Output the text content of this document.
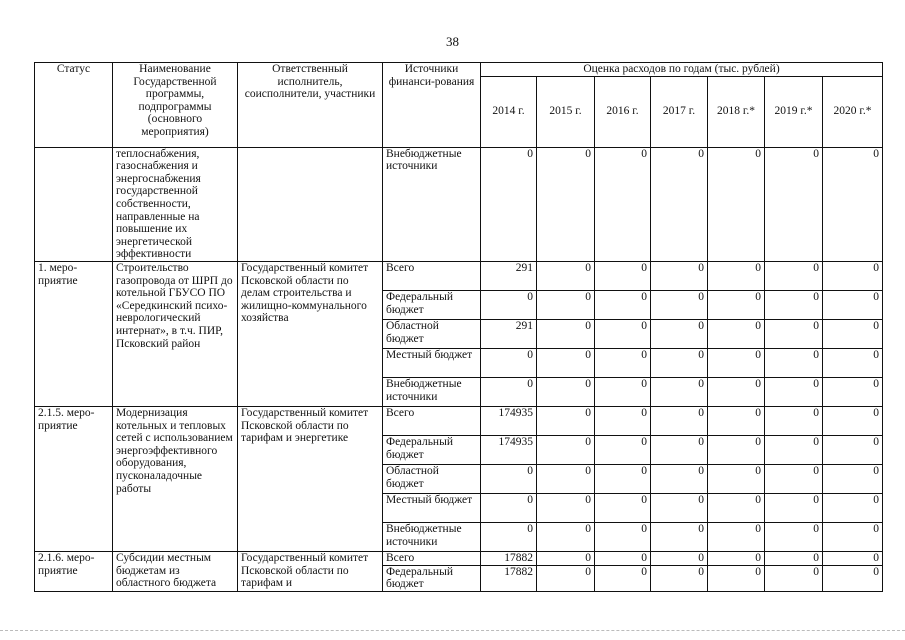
38
Статус	Наименование Государственной программы, подпрограммы (основного мероприятия)	Ответственный исполнитель, соисполнители, участники	Источники финанси-рования	Оценка расходов по годам (тыс. рублей)						
				2014 г.	2015 г.	2016 г.	2017 г.	2018 г.*	2019 г.*	2020 г.*
	теплоснабжения, газоснабжения и энергоснабжения государственной собственности, направленные на повышение их энергетической эффективности		Внебюджетные источники	0	0	0	0	0	0	0
1. меро-приятие	Строительство газопровода от ШРП до котельной ГБУСО ПО «Середкинский психо-неврологический интернат», в т.ч. ПИР, Псковский район	Государственный комитет Псковской области по делам строительства и жилищно-коммунального хозяйства	Всего	291	0	0	0	0	0	0
			Федеральный бюджет	0	0	0	0	0	0	0
			Областной бюджет	291	0	0	0	0	0	0
			Местный бюджет	0	0	0	0	0	0	0
			Внебюджетные источники	0	0	0	0	0	0	0
2.1.5. меро-приятие	Модернизация котельных и тепловых сетей с использованием энергоэффективного оборудования, пусконаладочные работы	Государственный комитет Псковской области по тарифам и энергетике	Всего	174935	0	0	0	0	0	0
			Федеральный бюджет	174935	0	0	0	0	0	0
			Областной бюджет	0	0	0	0	0	0	0
			Местный бюджет	0	0	0	0	0	0	0
			Внебюджетные источники	0	0	0	0	0	0	0
2.1.6. меро-приятие	Субсидии местным бюджетам из областного бюджета	Государственный комитет Псковской области по тарифам и	Всего	17882	0	0	0	0	0	0
			Федеральный бюджет	17882	0	0	0	0	0	0
